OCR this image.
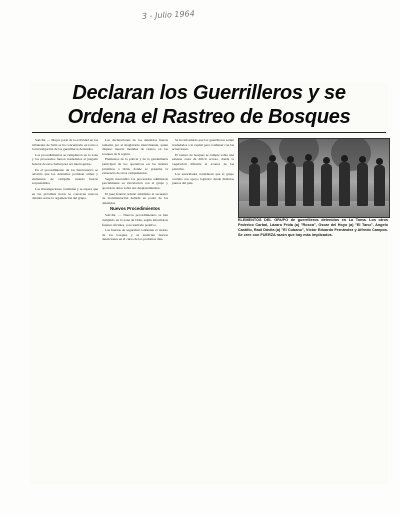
3 - Julio 1964
Declaran los Guerrilleros y se
Ordena el Rastreo de Bosques

SALTA. — Mayor parte de la actividad en los tribunales de Salta se ha concentrado en torno a la investigación de los guerrilleros detenidos.

Los procedimientos se cumplieron en la zona y los procesados fueron trasladados al juzgado federal de esta ciudad para ser interrogados.

En el procedimiento de los funcionarios se advirtió que los detenidos portaban armas y elementos de campaña cuando fueron sorprendidos.

Las investigaciones continúan y se espera que en las próximas horas se conozcan nuevos detalles sobre la organización del grupo.

Las declaraciones de los detenidos fueron tomadas por el magistrado interviniente, quien dispuso nuevas medidas de rastreo en los bosques de la región.

Elementos de la policía y de la gendarmería participan de los operativos en los montes próximos a Orán, donde se presume la existencia de otros campamentos.

Según trascendió, los procesados admitieron parcialmente su vinculación con el grupo y aportaron datos sobre sus desplazamientos.

El juez federal ordenó asimismo el secuestro de documentación hallada en poder de los detenidos.

Nuevos Procedimientos

SALTA. — Nuevos procedimientos se han cumplido en la zona de Orán, según informaron fuentes oficiales, con resultado positivo.

Las fuerzas de seguridad continúan el rastreo de los bosques y se anuncian nuevas detenciones en el curso de los próximos días.

Se ha informado que los guerrilleros serían trasladados a la capital para continuar con las actuaciones.

El rastreo de bosques se cumple sobre una extensa zona de difícil acceso, donde la vegetación dificulta el avance de las patrullas.

Las autoridades consideran que el grupo contaba con apoyo logístico desde distintos puntos del país.

ELEMENTOS DEL GRUPO de guerrilleros detenidos en La Toma. Los otros Federico Carbal, Lázaro Frida (a) "Rosca", Oscar del Hoyo (a) "El Tanu", Angelo Castillo, Raúl Dávila (a) "El Cubano", Víctor Eduardo Fernández y Alfredo Campos. Se cree con FUERZA razón que hay más implicados.
